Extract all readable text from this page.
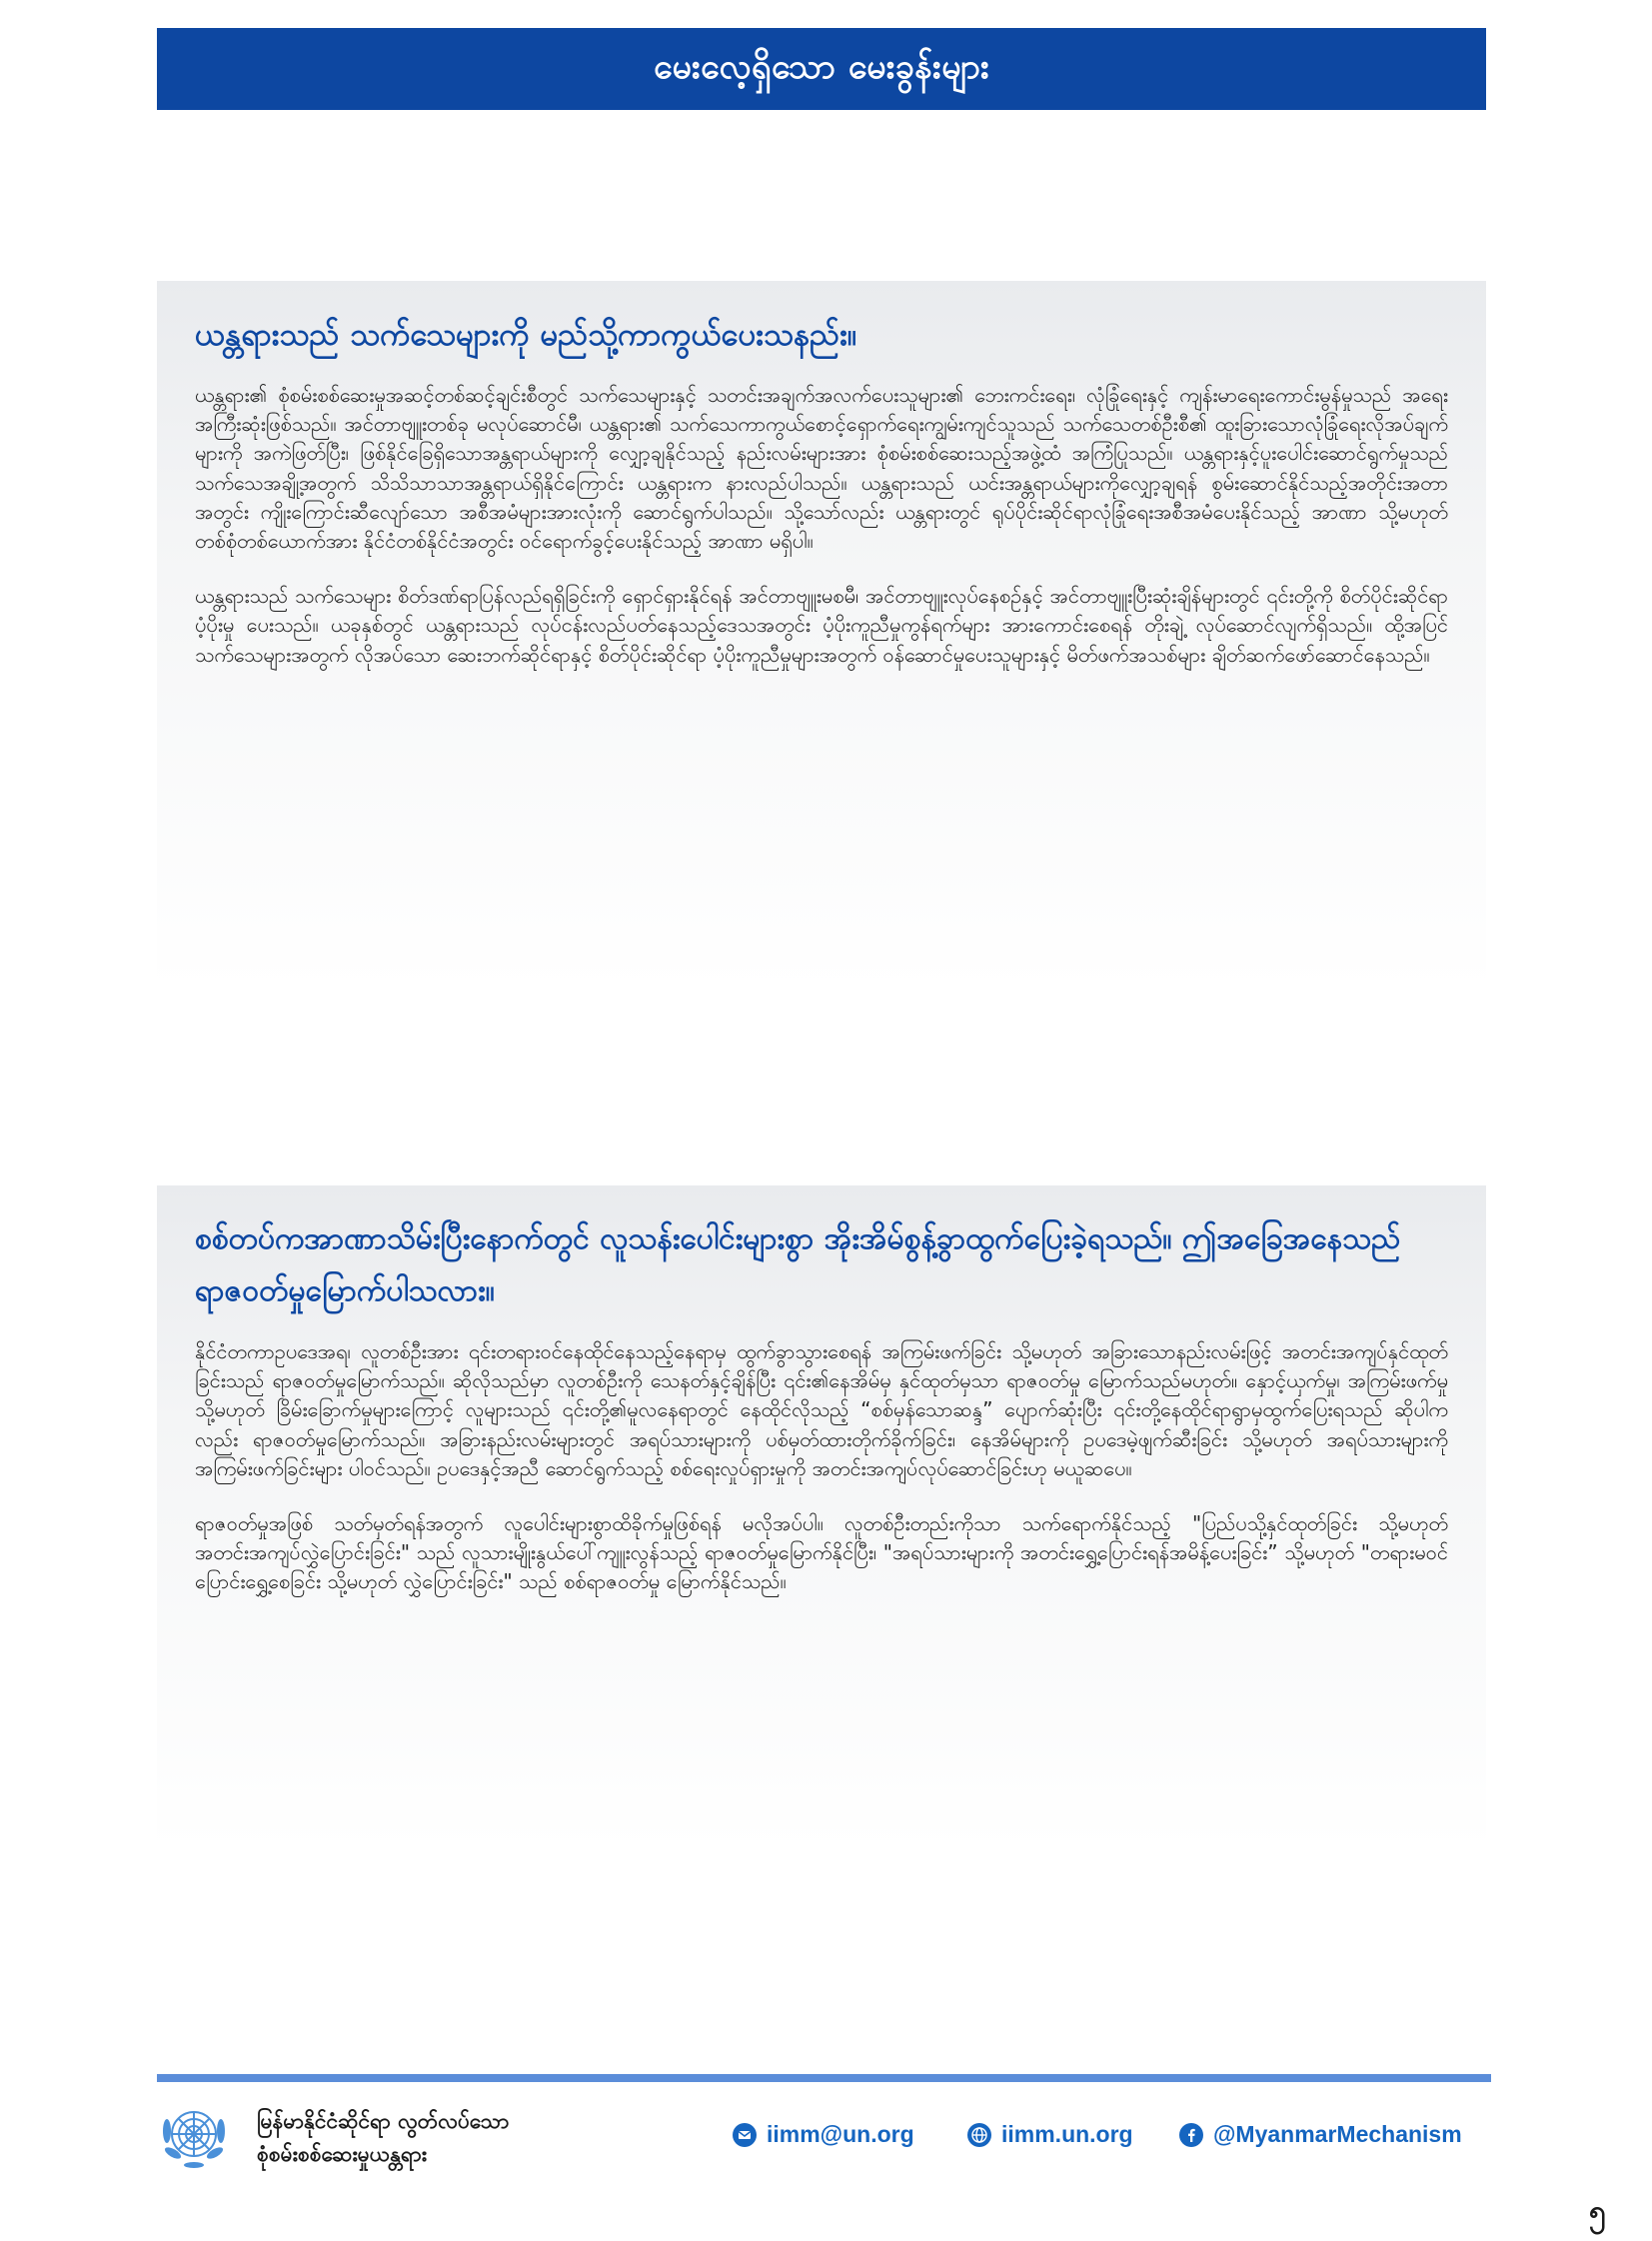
မေးလေ့ရှိသော မေးခွန်းများ
ယန္တရားသည် သက်သေများကို မည်သို့ကာကွယ်ပေးသနည်း။

ယန္တရား၏ စုံစမ်းစစ်ဆေးမှုအဆင့်တစ်ဆင့်ချင်းစီတွင် သက်သေများနှင့် သတင်းအချက်အလက်ပေးသူများ၏ ဘေးကင်းရေး၊ လုံခြုံရေးနှင့် ကျန်းမာရေးကောင်းမွန်မှုသည် အရေးအကြီးဆုံးဖြစ်သည်။ အင်တာဗျူးတစ်ခု မလုပ်ဆောင်မီ၊ ယန္တရား၏ သက်သေကာကွယ်စောင့်ရှောက်ရေးကျွမ်းကျင်သူသည် သက်သေတစ်ဦးစီ၏ ထူးခြားသောလုံခြုံရေးလိုအပ်ချက်များကို အကဲဖြတ်ပြီး၊ ဖြစ်နိုင်ခြေရှိသောအန္တရာယ်များကို လျှော့ချနိုင်သည့် နည်းလမ်းများအား စုံစမ်းစစ်ဆေးသည့်အဖွဲ့ထံ အကြံပြုသည်။ ယန္တရားနှင့်ပူးပေါင်းဆောင်ရွက်မှုသည် သက်သေအချို့အတွက် သိသိသာသာအန္တရာယ်ရှိနိုင်ကြောင်း ယန္တရားက နားလည်ပါသည်။ ယန္တရားသည် ယင်းအန္တရာယ်များကိုလျှော့ချရန် စွမ်းဆောင်နိုင်သည့်အတိုင်းအတာအတွင်း ကျိုးကြောင်းဆီလျော်သော အစီအမံများအားလုံးကို ဆောင်ရွက်ပါသည်။ သို့သော်လည်း ယန္တရားတွင် ရုပ်ပိုင်းဆိုင်ရာလုံခြုံရေးအစီအမံပေးနိုင်သည့် အာဏာ သို့မဟုတ် တစ်စုံတစ်ယောက်အား နိုင်ငံတစ်နိုင်ငံအတွင်း ဝင်ရောက်ခွင့်ပေးနိုင်သည့် အာဏာ မရှိပါ။

ယန္တရားသည် သက်သေများ စိတ်ဒဏ်ရာပြန်လည်ရရှိခြင်းကို ရှောင်ရှားနိုင်ရန် အင်တာဗျူးမစမီ၊ အင်တာဗျူးလုပ်နေစဉ်နှင့် အင်တာဗျူးပြီးဆုံးချိန်များတွင် ၎င်းတို့ကို စိတ်ပိုင်းဆိုင်ရာပံ့ပိုးမှု ပေးသည်။ ယခုနှစ်တွင် ယန္တရားသည် လုပ်ငန်းလည်ပတ်နေသည့်ဒေသအတွင်း ပံ့ပိုးကူညီမှုကွန်ရက်များ အားကောင်းစေရန် တိုးချဲ့ လုပ်ဆောင်လျက်ရှိသည်။ ထို့အပြင် သက်သေများအတွက် လိုအပ်သော ဆေးဘက်ဆိုင်ရာနှင့် စိတ်ပိုင်းဆိုင်ရာ ပံ့ပိုးကူညီမှုများအတွက် ဝန်ဆောင်မှုပေးသူများနှင့် မိတ်ဖက်အသစ်များ ချိတ်ဆက်ဖော်ဆောင်နေသည်။

စစ်တပ်ကအာဏာသိမ်းပြီးနောက်တွင် လူသန်းပေါင်းများစွာ အိုးအိမ်စွန့်ခွာထွက်ပြေးခဲ့ရသည်။ ဤအခြေအနေသည် ရာဇဝတ်မှုမြောက်ပါသလား။

နိုင်ငံတကာဥပဒေအရ၊ လူတစ်ဦးအား ၎င်းတရားဝင်နေထိုင်နေသည့်နေရာမှ ထွက်ခွာသွားစေရန် အကြမ်းဖက်ခြင်း သို့မဟုတ် အခြားသောနည်းလမ်းဖြင့် အတင်းအကျပ်နှင်ထုတ်ခြင်းသည် ရာဇဝတ်မှုမြောက်သည်။ ဆိုလိုသည်မှာ လူတစ်ဦးကို သေနတ်နှင့်ချိန်ပြီး ၎င်း၏နေအိမ်မှ နှင်ထုတ်မှသာ ရာဇဝတ်မှု မြောက်သည်မဟုတ်။ နှောင့်ယှက်မှု၊ အကြမ်းဖက်မှု သို့မဟုတ် ခြိမ်းခြောက်မှုများကြောင့် လူများသည် ၎င်းတို့၏မူလနေရာတွင် နေထိုင်လိုသည့် “စစ်မှန်သောဆန္ဒ” ပျောက်ဆုံးပြီး ၎င်းတို့နေထိုင်ရာရွာမှထွက်ပြေးရသည် ဆိုပါကလည်း ရာဇဝတ်မှုမြောက်သည်။ အခြားနည်းလမ်းများတွင် အရပ်သားများကို ပစ်မှတ်ထားတိုက်ခိုက်ခြင်း၊ နေအိမ်များကို ဥပဒေမဲ့ဖျက်ဆီးခြင်း သို့မဟုတ် အရပ်သားများကိုအကြမ်းဖက်ခြင်းများ ပါဝင်သည်။ ဥပဒေနှင့်အညီ ဆောင်ရွက်သည့် စစ်ရေးလှုပ်ရှားမှုကို အတင်းအကျပ်လုပ်ဆောင်ခြင်းဟု မယူဆပေ။

ရာဇဝတ်မှုအဖြစ် သတ်မှတ်ရန်အတွက် လူပေါင်းများစွာထိခိုက်မှုဖြစ်ရန် မလိုအပ်ပါ။ လူတစ်ဦးတည်းကိုသာ သက်ရောက်နိုင်သည့် "ပြည်ပသို့နှင်ထုတ်ခြင်း သို့မဟုတ် အတင်းအကျပ်လွှဲပြောင်းခြင်း" သည် လူသားမျိုးနွယ်ပေါ်ကျူးလွန်သည့် ရာဇဝတ်မှုမြောက်နိုင်ပြီး၊ "အရပ်သားများကို အတင်းရွှေ့ပြောင်းရန်အမိန့်ပေးခြင်း” သို့မဟုတ် "တရားမဝင်ပြောင်းရွှေ့စေခြင်း သို့မဟုတ် လွှဲပြောင်းခြင်း" သည် စစ်ရာဇဝတ်မှု မြောက်နိုင်သည်။

မြန်မာနိုင်ငံဆိုင်ရာ လွတ်လပ်သော
စုံစမ်းစစ်ဆေးမှုယန္တရား
iimm@un.org	iimm.un.org	@MyanmarMechanism
၅
